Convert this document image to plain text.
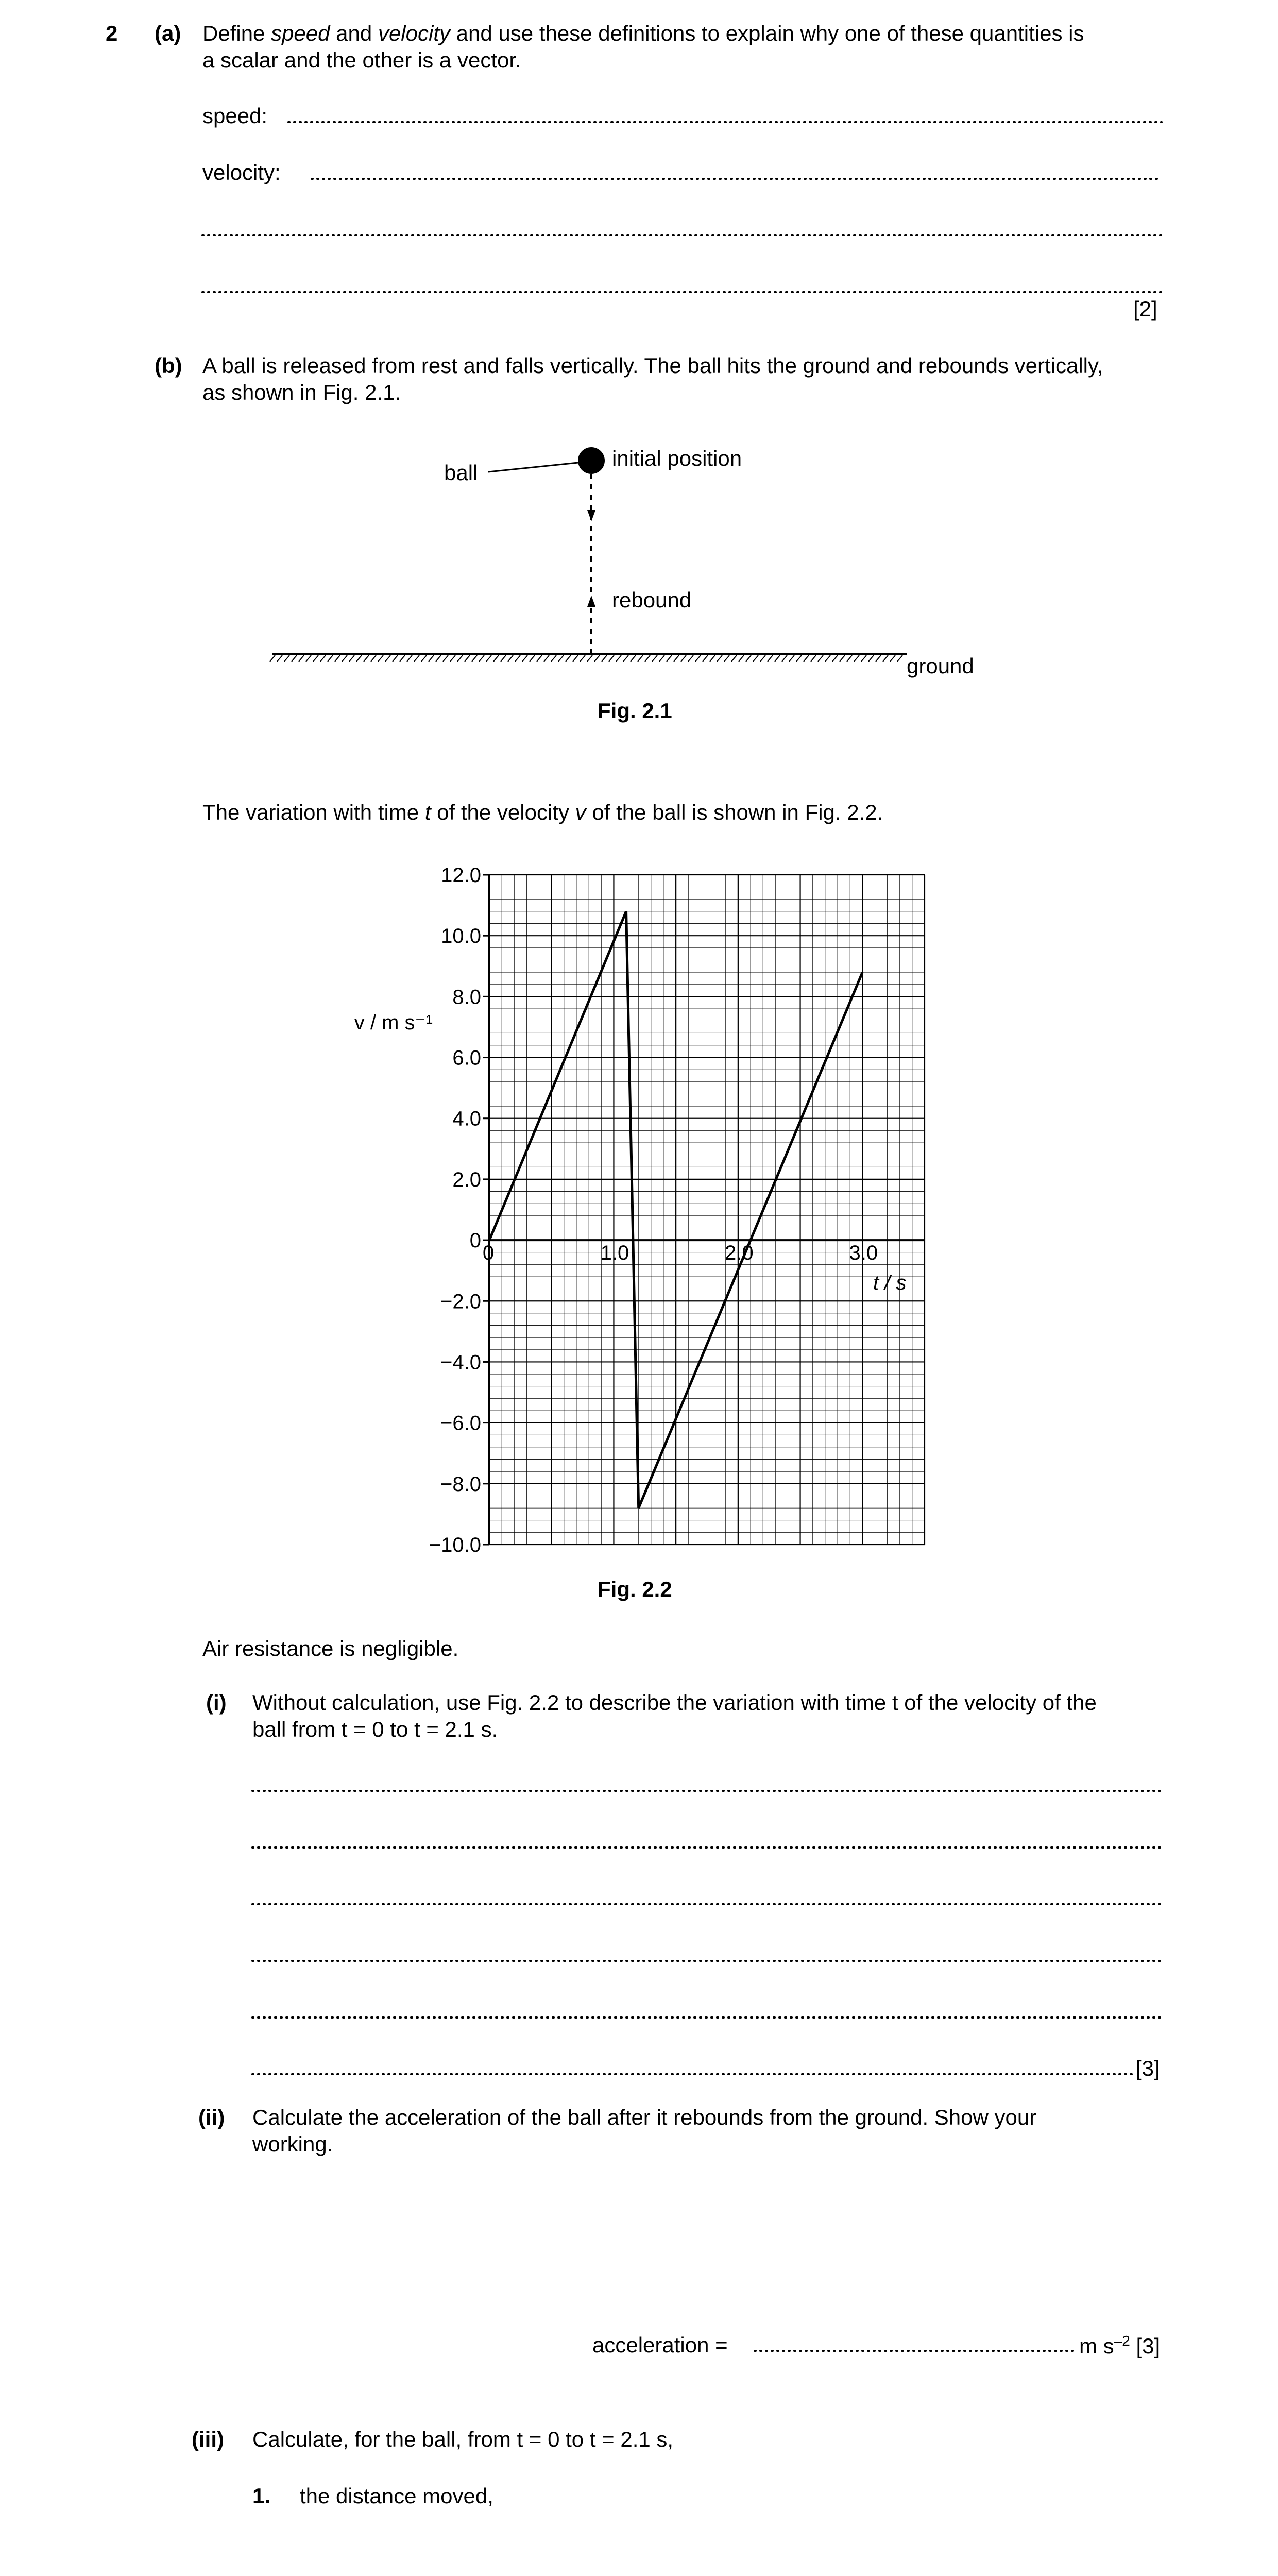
2 (a) Define speed and velocity and use these definitions to explain why one of these quantities is
a scalar and the other is a vector.
speed:
velocity:
[2]
(b) A ball is released from rest and falls vertically. The ball hits the ground and rebounds vertically,
as shown in Fig. 2.1.
ball
initial position
rebound
ground
Fig. 2.1
The variation with time t of the velocity v of the ball is shown in Fig. 2.2.
12.0
10.0
8.0
6.0
4.0
2.0
0
−2.0
−4.0
−6.0
−8.0
−10.0
0	1.0	2.0	3.0
t / s
v / m s⁻¹
Fig. 2.2
Air resistance is negligible.
(i) Without calculation, use Fig. 2.2 to describe the variation with time t of the velocity of the
ball from t = 0 to t = 2.1 s.
[3]
(ii) Calculate the acceleration of the ball after it rebounds from the ground. Show your
working.
acceleration =	m $s^{-2}$ [3]
(iii) Calculate, for the ball, from t = 0 to t = 2.1 s,
1. the distance moved,
